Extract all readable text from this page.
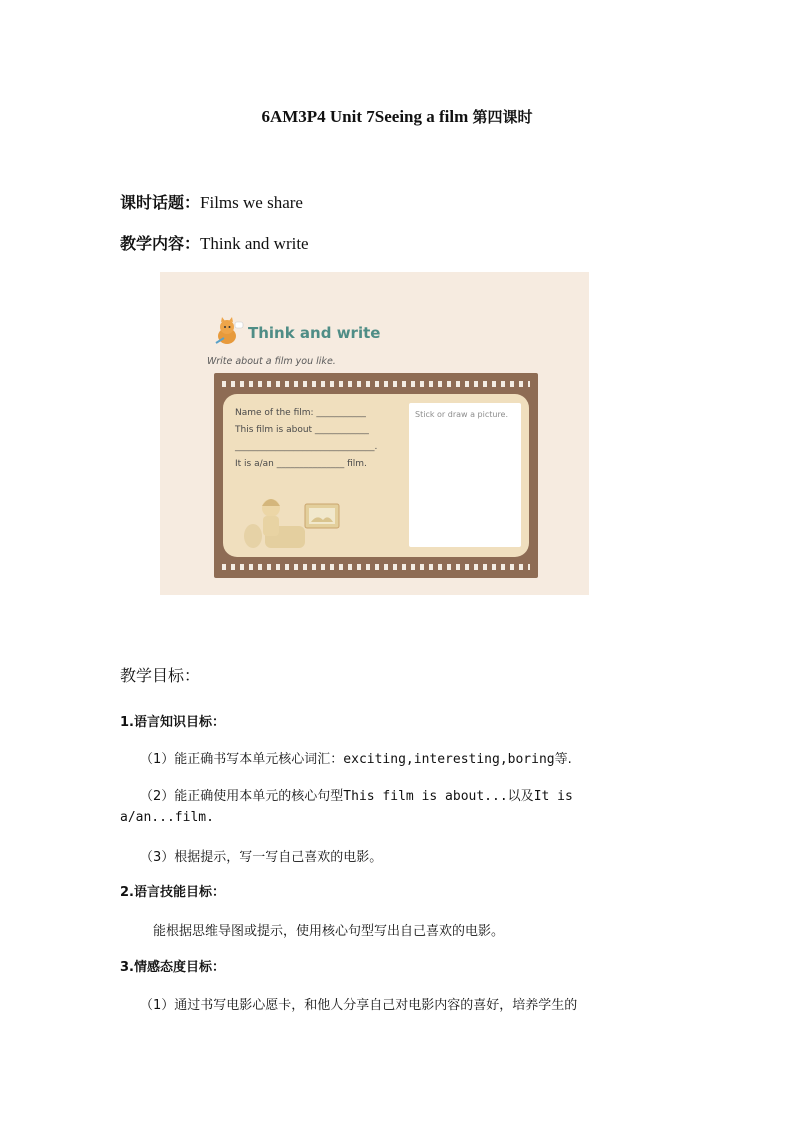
6AM3P4 Unit 7Seeing a film 第四课时
课时话题：Films we share
教学内容：Think and write
Think and write
Write about a film you like.
Name of the film: ___________
This film is about ____________
_______________________________.
It is a/an _______________ film.
Stick or draw a picture.
教学目标：
1.语言知识目标：
（1）能正确书写本单元核心词汇：exciting,interesting,boring等.
（2）能正确使用本单元的核心句型This film is about...以及It is
a/an...film.
（3）根据提示，写一写自己喜欢的电影。
2.语言技能目标：
能根据思维导图或提示，使用核心句型写出自己喜欢的电影。
3.情感态度目标：
（1）通过书写电影心愿卡，和他人分享自己对电影内容的喜好，培养学生的
